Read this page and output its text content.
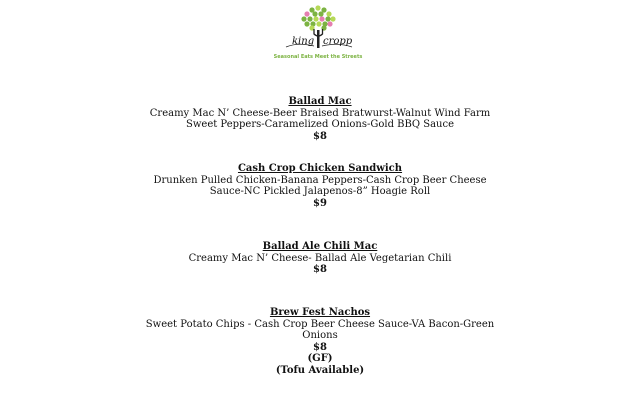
king cropp
Seasonal Eats Meet the Streets
Ballad Mac
Creamy Mac N’ Cheese-Beer Braised Bratwurst-Walnut Wind Farm Sweet Peppers-Caramelized Onions-Gold BBQ Sauce
$8
Cash Crop Chicken Sandwich
Drunken Pulled Chicken-Banana Peppers-Cash Crop Beer Cheese Sauce-NC Pickled Jalapenos-8” Hoagie Roll
$9
Ballad Ale Chili Mac
Creamy Mac N’ Cheese- Ballad Ale Vegetarian Chili
$8
Brew Fest Nachos
Sweet Potato Chips - Cash Crop Beer Cheese Sauce-VA Bacon-Green Onions
$8
(GF)
(Tofu Available)
